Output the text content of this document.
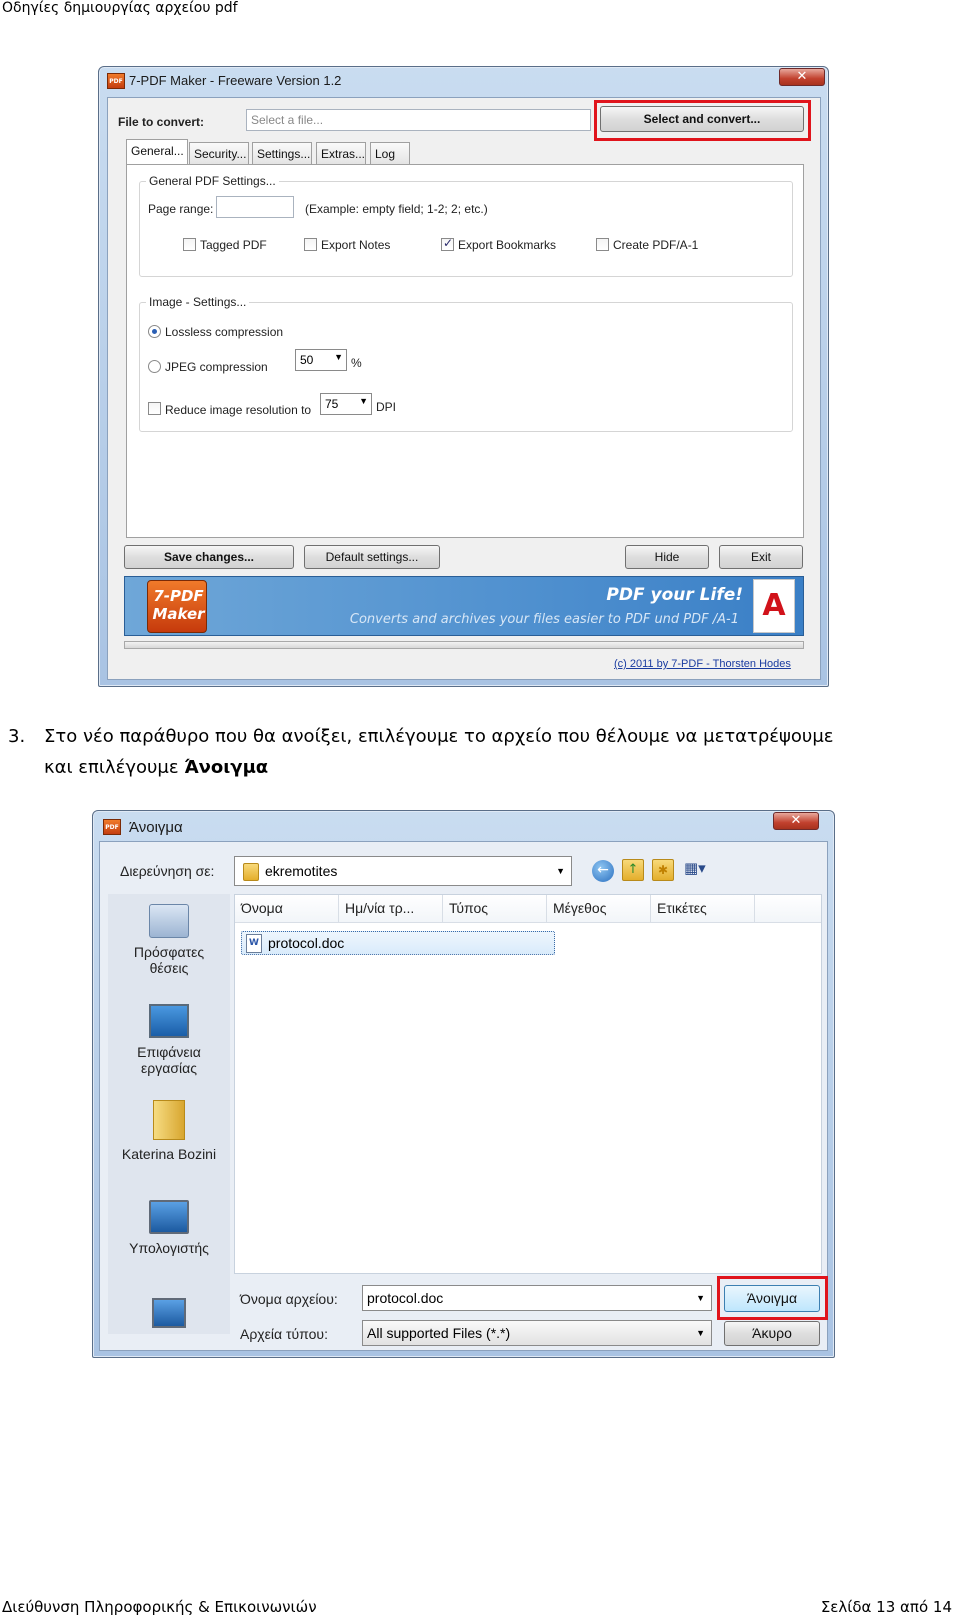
Οδηγίες δημιουργίας αρχείου pdf
PDF 7-PDF Maker - Freeware Version 1.2	✕
File to convert:	Select a file...	Select and convert...
General... Security... Settings... Extras... Log
General PDF Settings...
Page range:	(Example: empty field; 1-2; 2; etc.)
Tagged PDF	Export Notes
✓	Export Bookmarks	Create PDF/A-1
Image - Settings...
Lossless compression
JPEG compression	50 ▼ %
Reduce image resolution to	75 ▼ DPI
Save changes...	Default settings...	Hide	Exit
7-PDF Maker
PDF your Life!
Converts and archives your files easier to PDF und PDF /A-1 A
(c) 2011 by 7-PDF - Thorsten Hodes
3. Στο νέο παράθυρο που θα ανοίξει, επιλέγουμε το αρχείο που θέλουμε να μετατρέψουμε
και επιλέγουμε Άνοιγμα
PDF Άνοιγμα	✕
Διερεύνηση σε:	ekremotites	▼	←	↑	✱	▦▾
Πρόσφατες θέσεις
Επιφάνεια εργασίας
Katerina Bozini
Υπολογιστής
Όνομα	Ημ/νία τρ...	Τύπος	Μέγεθος	Ετικέτες
W protocol.doc
Όνομα αρχείου:	protocol.doc	▼
Αρχεία τύπου:	All supported Files (*.*)	▼
Άνοιγμα
Άκυρο
Διεύθυνση Πληροφορικής & Επικοινωνιών	Σελίδα 13 από 14
